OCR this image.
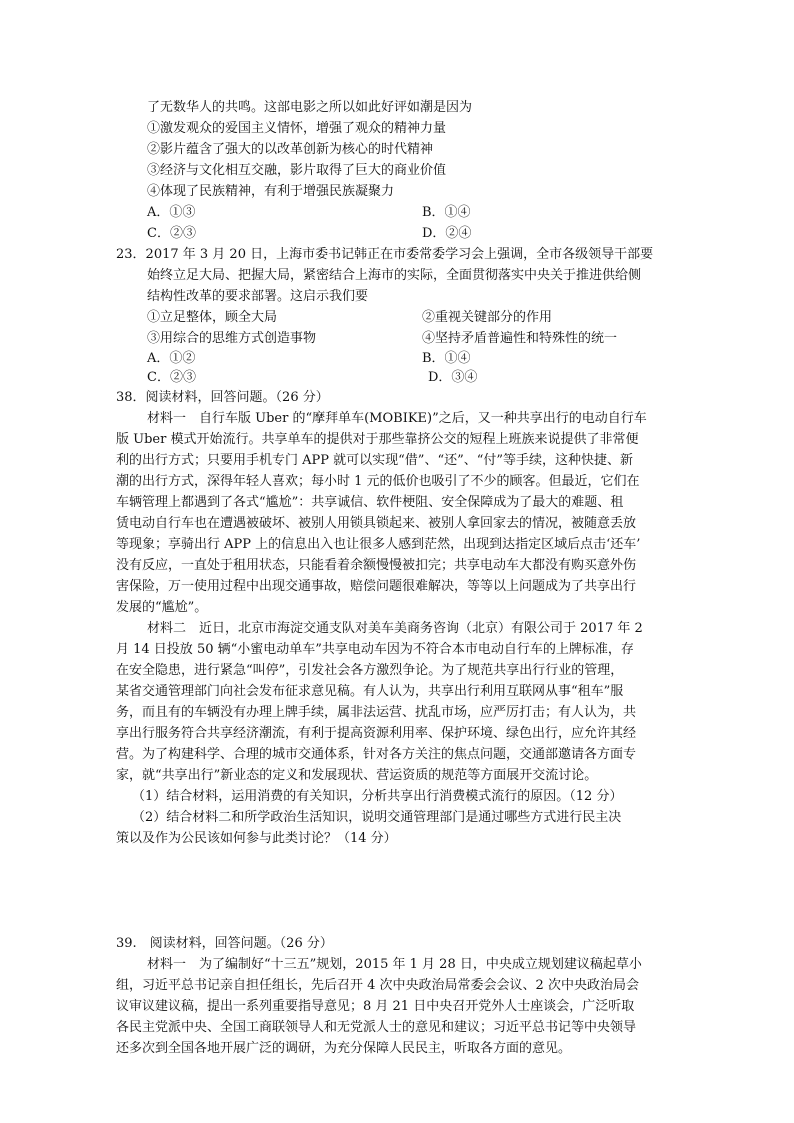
了无数华人的共鸣。这部电影之所以如此好评如潮是因为
①激发观众的爱国主义情怀，增强了观众的精神力量
②影片蕴含了强大的以改革创新为核心的时代精神
③经济与文化相互交融，影片取得了巨大的商业价值
④体现了民族精神，有利于增强民族凝聚力
A．①③	B．①④
C．②③	D．②④
23．2017 年 3 月 20 日，上海市委书记韩正在市委常委学习会上强调，全市各级领导干部要
始终立足大局、把握大局，紧密结合上海市的实际，全面贯彻落实中央关于推进供给侧
结构性改革的要求部署。这启示我们要
①立足整体，顾全大局	②重视关键部分的作用
③用综合的思维方式创造事物	④坚持矛盾普遍性和特殊性的统一
A．①②	B．①④
C．②③	D．③④
38．阅读材料，回答问题。（26 分）
材料一　自行车版 Uber 的“摩拜单车(MOBIKE)”之后，又一种共享出行的电动自行车
版 Uber 模式开始流行。共享单车的提供对于那些靠挤公交的短程上班族来说提供了非常便
利的出行方式；只要用手机专门 APP 就可以实现“借”、“还”、“付”等手续，这种快捷、新
潮的出行方式，深得年轻人喜欢；每小时 1 元的低价也吸引了不少的顾客。但最近，它们在
车辆管理上都遇到了各式“尴尬”：共享诚信、软件梗阻、安全保障成为了最大的难题、租
赁电动自行车也在遭遇被破坏、被别人用锁具锁起来、被别人拿回家去的情况，被随意丢放
等现象；享骑出行 APP 上的信息出入也让很多人感到茫然，出现到达指定区域后点击‘还车’
没有反应，一直处于租用状态，只能看着余额慢慢被扣完；共享电动车大都没有购买意外伤
害保险，万一使用过程中出现交通事故，赔偿问题很难解决，等等以上问题成为了共享出行
发展的“尴尬”。
材料二　近日，北京市海淀交通支队对美车美商务咨询（北京）有限公司于 2017 年 2
月 14 日投放 50 辆“小蜜电动单车”共享电动车因为不符合本市电动自行车的上牌标准，存
在安全隐患，进行紧急“叫停”，引发社会各方激烈争论。为了规范共享出行行业的管理，
某省交通管理部门向社会发布征求意见稿。有人认为，共享出行利用互联网从事“租车”服
务，而且有的车辆没有办理上牌手续，属非法运营、扰乱市场，应严厉打击；有人认为，共
享出行服务符合共享经济潮流，有利于提高资源利用率、保护环境、绿色出行，应允许其经
营。为了构建科学、合理的城市交通体系，针对各方关注的焦点问题，交通部邀请各方面专
家，就“共享出行”新业态的定义和发展现状、营运资质的规范等方面展开交流讨论。
（1）结合材料，运用消费的有关知识，分析共享出行消费模式流行的原因。（12 分）
（2）结合材料二和所学政治生活知识，说明交通管理部门是通过哪些方式进行民主决
策以及作为公民该如何参与此类讨论？（14 分）
39.　阅读材料，回答问题。（26 分）
材料一　为了编制好“十三五”规划，2015 年 1 月 28 日，中央成立规划建议稿起草小
组，习近平总书记亲自担任组长，先后召开 4 次中央政治局常委会会议、2 次中央政治局会
议审议建议稿，提出一系列重要指导意见；8 月 21 日中央召开党外人士座谈会，广泛听取
各民主党派中央、全国工商联领导人和无党派人士的意见和建议；习近平总书记等中央领导
还多次到全国各地开展广泛的调研，为充分保障人民民主，听取各方面的意见。
